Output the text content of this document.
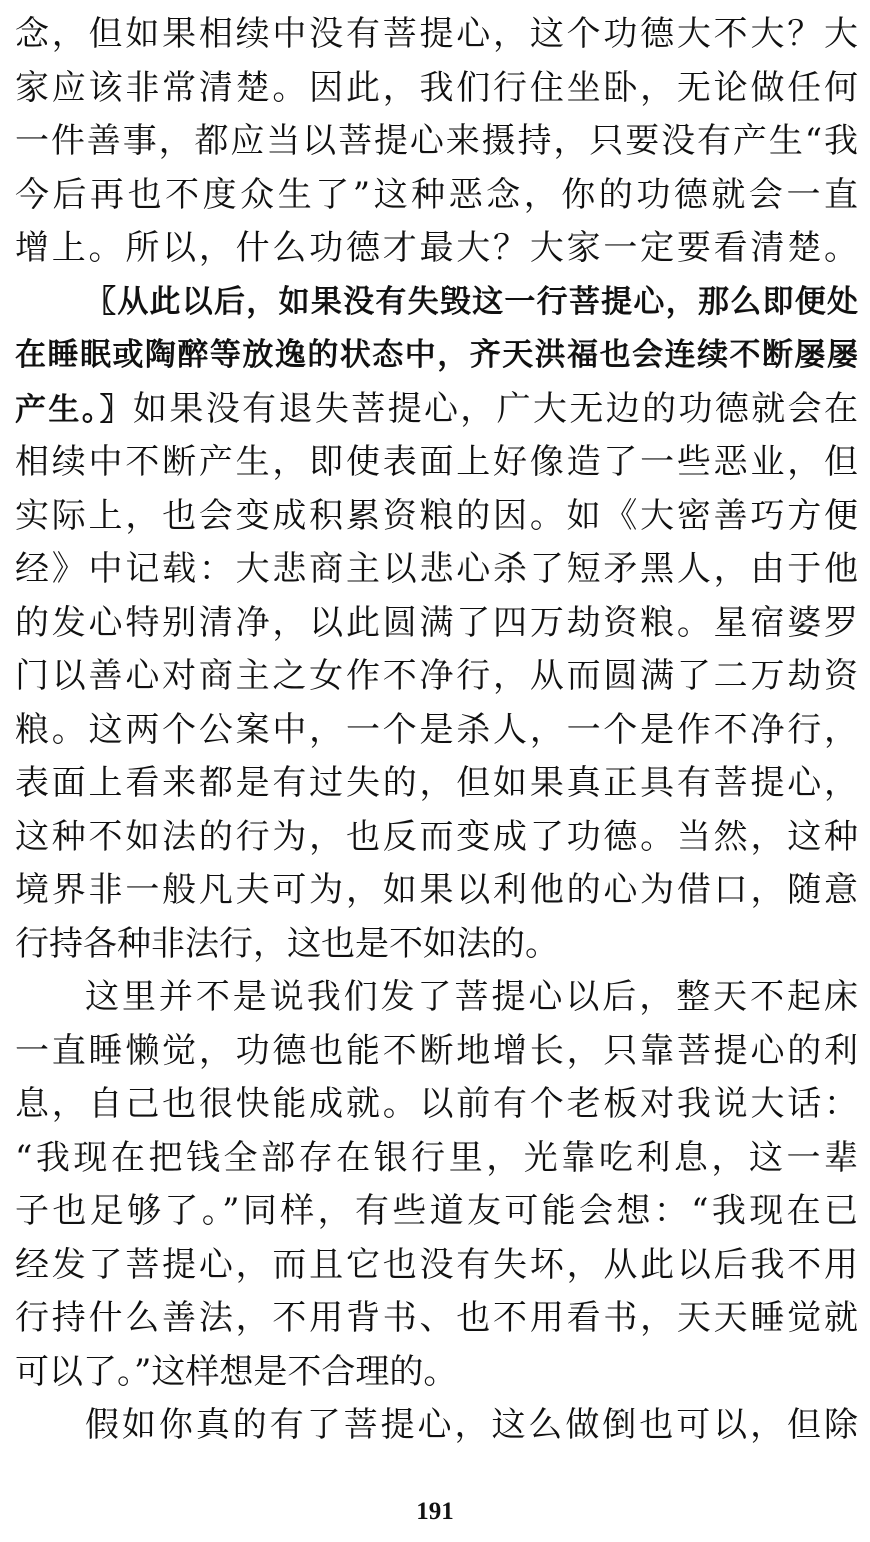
念，但如果相续中没有菩提心，这个功德大不大？大
家应该非常清楚。因此，我们行住坐卧，无论做任何
一件善事，都应当以菩提心来摄持，只要没有产生“我
今后再也不度众生了”这种恶念，你的功德就会一直
增上。所以，什么功德才最大？大家一定要看清楚。
〖从此以后，如果没有失毁这一行菩提心，那么即便处
在睡眠或陶醉等放逸的状态中，齐天洪福也会连续不断屡屡
产生。〗如果没有退失菩提心，广大无边的功德就会在
相续中不断产生，即使表面上好像造了一些恶业，但
实际上，也会变成积累资粮的因。如《大密善巧方便
经》中记载：大悲商主以悲心杀了短矛黑人，由于他
的发心特别清净，以此圆满了四万劫资粮。星宿婆罗
门以善心对商主之女作不净行，从而圆满了二万劫资
粮。这两个公案中，一个是杀人，一个是作不净行，
表面上看来都是有过失的，但如果真正具有菩提心，
这种不如法的行为，也反而变成了功德。当然，这种
境界非一般凡夫可为，如果以利他的心为借口，随意
行持各种非法行，这也是不如法的。
这里并不是说我们发了菩提心以后，整天不起床
一直睡懒觉，功德也能不断地增长，只靠菩提心的利
息，自己也很快能成就。以前有个老板对我说大话：
“我现在把钱全部存在银行里，光靠吃利息，这一辈
子也足够了。”同样，有些道友可能会想：“我现在已
经发了菩提心，而且它也没有失坏，从此以后我不用
行持什么善法，不用背书、也不用看书，天天睡觉就
可以了。”这样想是不合理的。
假如你真的有了菩提心，这么做倒也可以，但除
191
